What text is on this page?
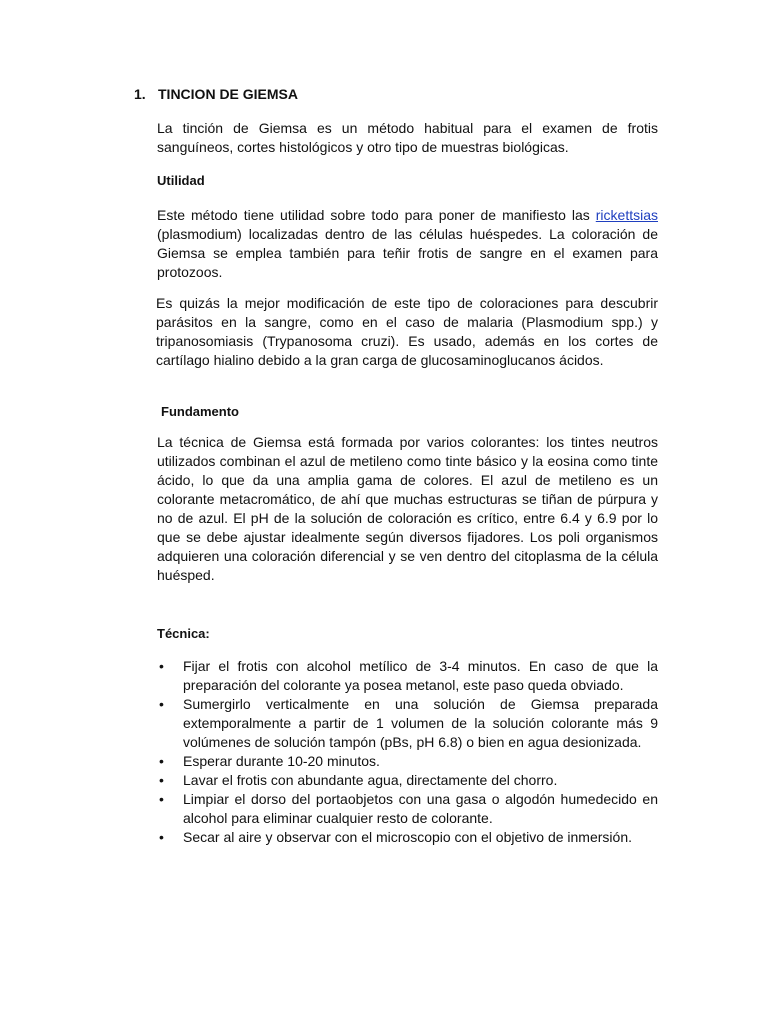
1. TINCION DE GIEMSA
La tinción de Giemsa es un método habitual para el examen de frotis sanguíneos, cortes histológicos y otro tipo de muestras biológicas.
Utilidad
Este método tiene utilidad sobre todo para poner de manifiesto las rickettsias (plasmodium) localizadas dentro de las células huéspedes. La coloración de Giemsa se emplea también para teñir frotis de sangre en el examen para protozoos.
Es quizás la mejor modificación de este tipo de coloraciones para descubrir parásitos en la sangre, como en el caso de malaria (Plasmodium spp.) y tripanosomiasis (Trypanosoma cruzi). Es usado, además en los cortes de cartílago hialino debido a la gran carga de glucosaminoglucanos ácidos.
Fundamento
La técnica de Giemsa está formada por varios colorantes: los tintes neutros utilizados combinan el azul de metileno como tinte básico y la eosina como tinte ácido, lo que da una amplia gama de colores. El azul de metileno es un colorante metacromático, de ahí que muchas estructuras se tiñan de púrpura y no de azul. El pH de la solución de coloración es crítico, entre 6.4 y 6.9 por lo que se debe ajustar idealmente según diversos fijadores. Los poli organismos adquieren una coloración diferencial y se ven dentro del citoplasma de la célula huésped.
Técnica:
• Fijar el frotis con alcohol metílico de 3-4 minutos. En caso de que la preparación del colorante ya posea metanol, este paso queda obviado.
• Sumergirlo verticalmente en una solución de Giemsa preparada extemporalmente a partir de 1 volumen de la solución colorante más 9 volúmenes de solución tampón (pBs, pH 6.8) o bien en agua desionizada.
• Esperar durante 10-20 minutos.
• Lavar el frotis con abundante agua, directamente del chorro.
• Limpiar el dorso del portaobjetos con una gasa o algodón humedecido en alcohol para eliminar cualquier resto de colorante.
• Secar al aire y observar con el microscopio con el objetivo de inmersión.
